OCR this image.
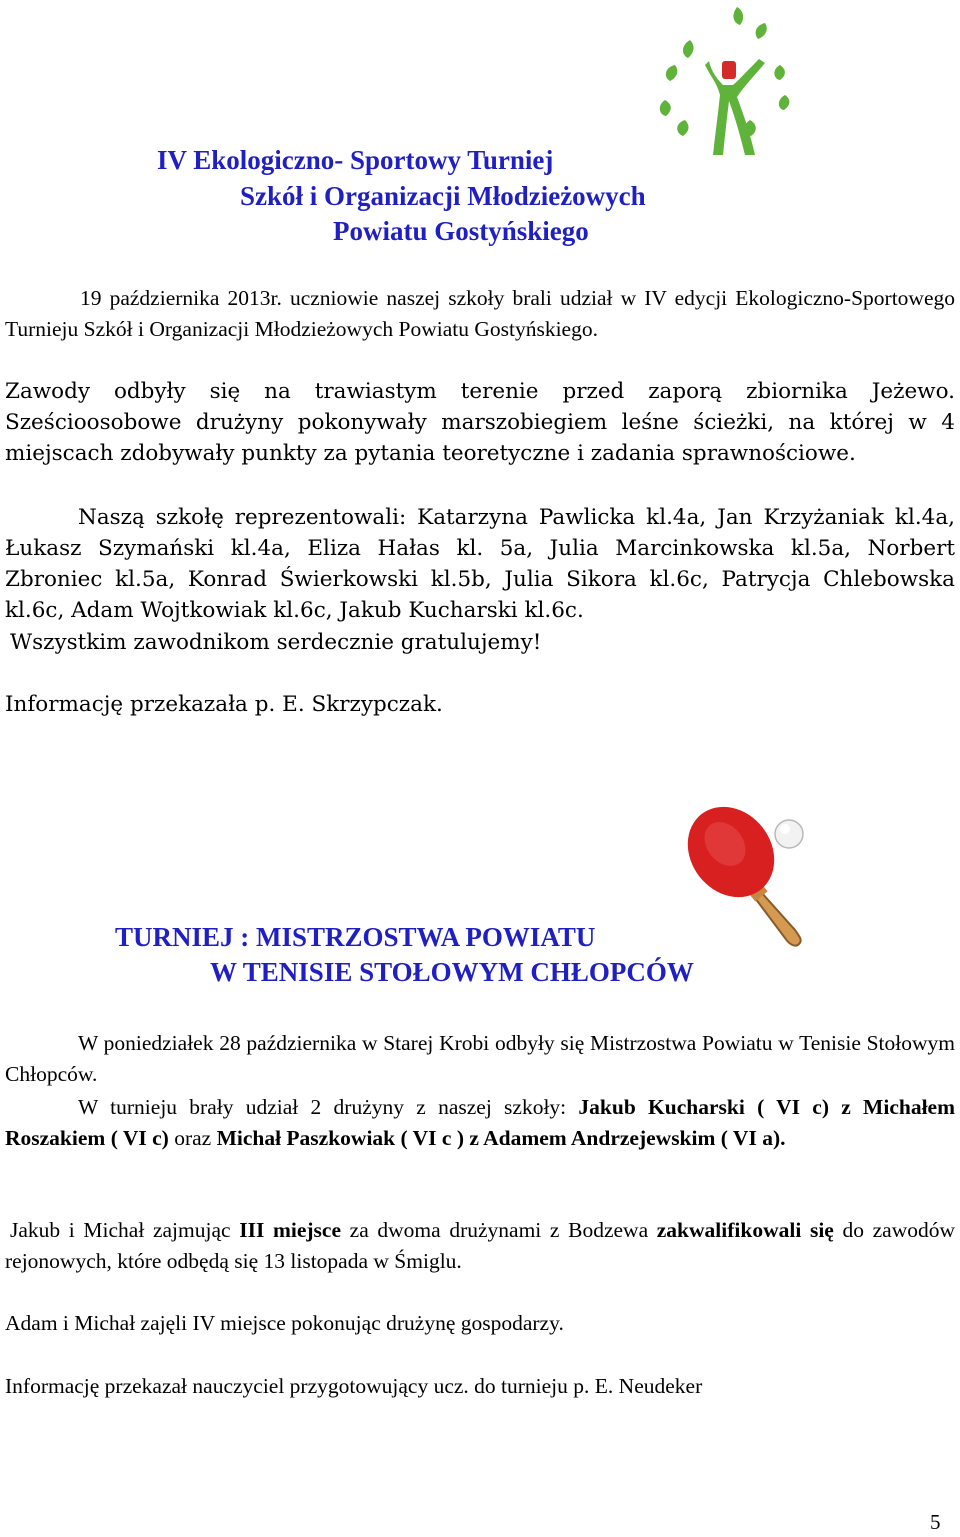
IV Ekologiczno- Sportowy Turniej
Szkół i Organizacji Młodzieżowych
Powiatu Gostyńskiego
19 października 2013r. uczniowie naszej szkoły brali udział w IV edycji Ekologiczno-Sportowego Turnieju Szkół i Organizacji Młodzieżowych Powiatu Gostyńskiego.
Zawody odbyły się na trawiastym terenie przed zaporą zbiornika Jeżewo.
Sześcioosobowe drużyny pokonywały marszobiegiem leśne ścieżki, na której w 4 miejscach zdobywały punkty za pytania teoretyczne i zadania sprawnościowe.
Naszą szkołę reprezentowali: Katarzyna Pawlicka kl.4a, Jan Krzyżaniak kl.4a, Łukasz Szymański kl.4a, Eliza Hałas kl. 5a, Julia Marcinkowska kl.5a, Norbert Zbroniec kl.5a, Konrad Świerkowski kl.5b, Julia Sikora kl.6c, Patrycja Chlebowska kl.6c, Adam Wojtkowiak kl.6c, Jakub Kucharski kl.6c.
Wszystkim zawodnikom serdecznie gratulujemy!
Informację przekazała p. E. Skrzypczak.
TURNIEJ : MISTRZOSTWA POWIATU
W TENISIE STOŁOWYM CHŁOPCÓW
W poniedziałek 28 października w Starej Krobi odbyły się Mistrzostwa Powiatu w Tenisie Stołowym Chłopców.
W turnieju brały udział 2 drużyny z naszej szkoły: Jakub Kucharski ( VI c) z Michałem Roszakiem ( VI c) oraz Michał Paszkowiak ( VI c ) z Adamem Andrzejewskim ( VI a).
Jakub i Michał zajmując III miejsce za dwoma drużynami z Bodzewa zakwalifikowali się do zawodów rejonowych, które odbędą się 13 listopada w Śmiglu.
Adam i Michał zajęli IV miejsce pokonując drużynę gospodarzy.
Informację przekazał nauczyciel przygotowujący ucz. do turnieju p. E. Neudeker
5
